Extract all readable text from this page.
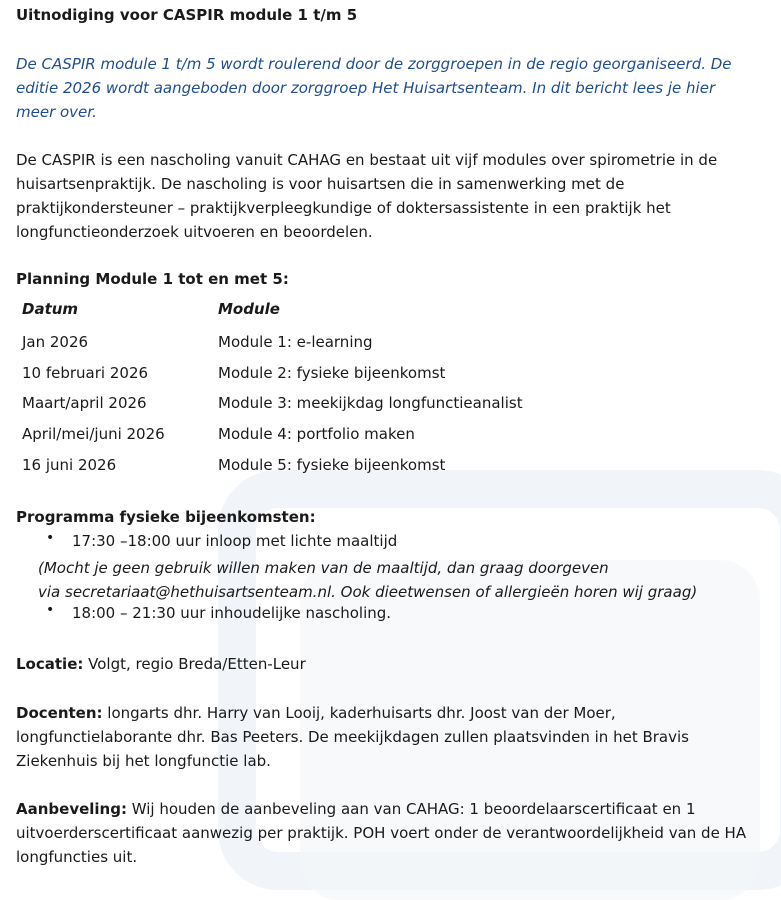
Uitnodiging voor CASPIR module 1 t/m 5
De CASPIR module 1 t/m 5 wordt roulerend door de zorggroepen in de regio georganiseerd. De editie 2026 wordt aangeboden door zorggroep Het Huisartsenteam. In dit bericht lees je hier meer over.
De CASPIR is een nascholing vanuit CAHAG en bestaat uit vijf modules over spirometrie in de huisartsenpraktijk. De nascholing is voor huisartsen die in samenwerking met de praktijkondersteuner – praktijkverpleegkundige of doktersassistente in een praktijk het longfunctieonderzoek uitvoeren en beoordelen.
Planning Module 1 tot en met 5:
Datum	Module
Jan 2026	Module 1: e-learning
10 februari 2026	Module 2: fysieke bijeenkomst
Maart/april 2026	Module 3: meekijkdag longfunctieanalist
April/mei/juni 2026	Module 4: portfolio maken
16 juni 2026	Module 5: fysieke bijeenkomst
Programma fysieke bijeenkomsten:
• 17:30 –18:00 uur inloop met lichte maaltijd
(Mocht je geen gebruik willen maken van de maaltijd, dan graag doorgeven
via secretariaat@hethuisartsenteam.nl. Ook dieetwensen of allergieën horen wij graag)
• 18:00 – 21:30 uur inhoudelijke nascholing.
Locatie: Volgt, regio Breda/Etten-Leur
Docenten: longarts dhr. Harry van Looij, kaderhuisarts dhr. Joost van der Moer, longfunctielaborante dhr. Bas Peeters. De meekijkdagen zullen plaatsvinden in het Bravis Ziekenhuis bij het longfunctie lab.
Aanbeveling: Wij houden de aanbeveling aan van CAHAG: 1 beoordelaarscertificaat en 1 uitvoerderscertificaat aanwezig per praktijk. POH voert onder de verantwoordelijkheid van de HA longfuncties uit.
